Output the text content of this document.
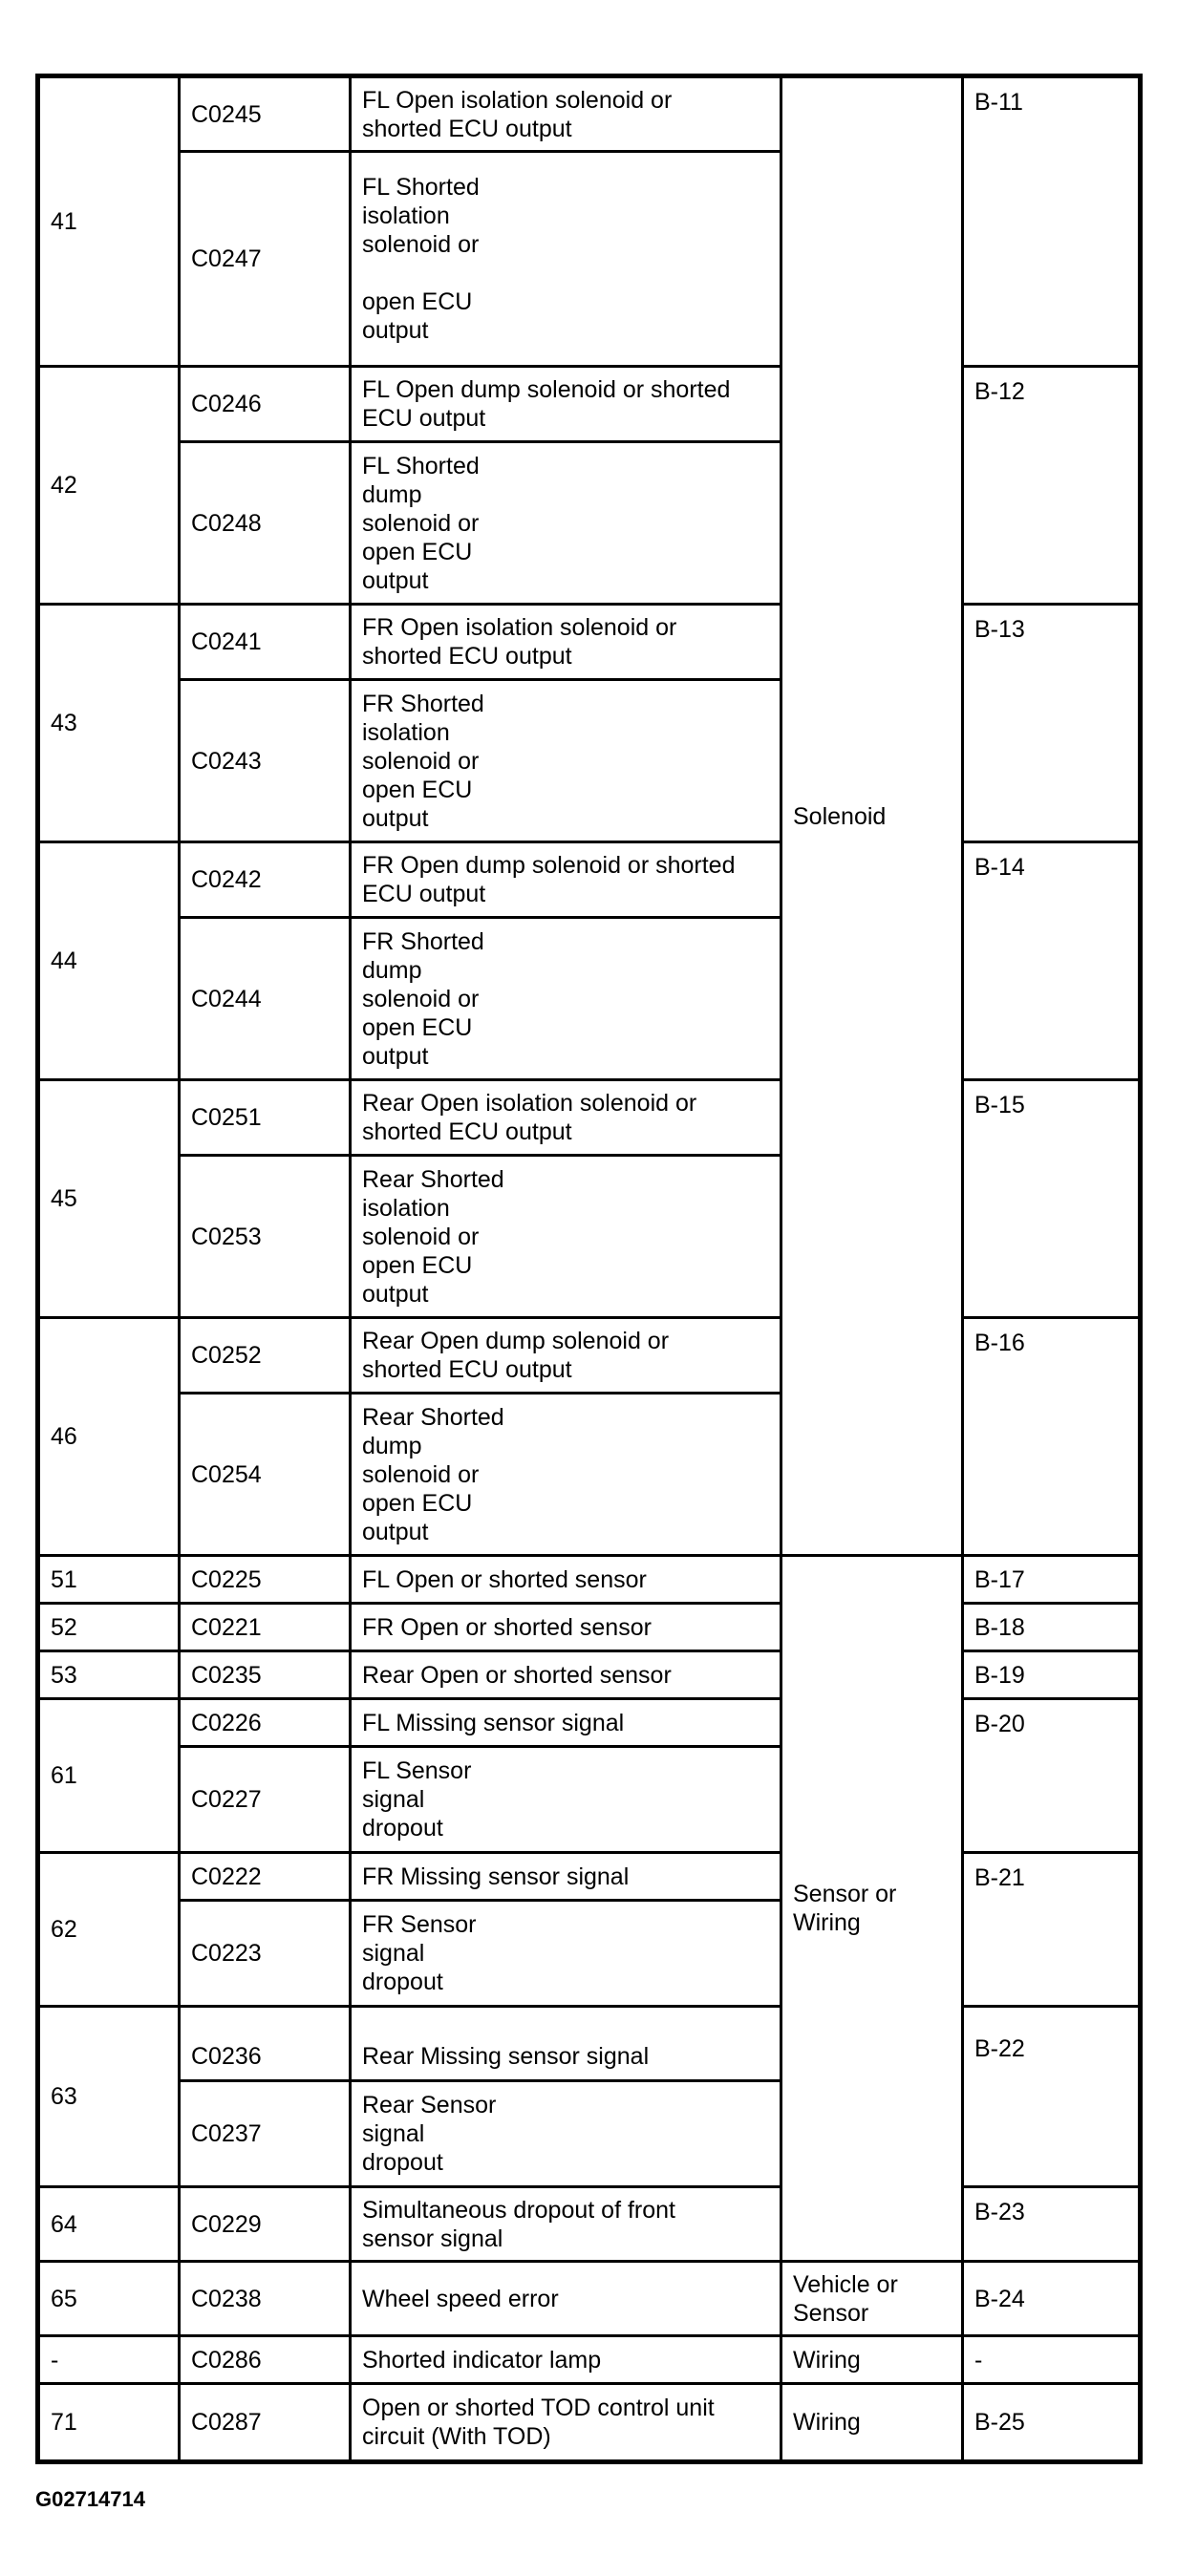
41	C0245	FL Open isolation solenoid or
shorted ECU output	Solenoid	B-11
	C0247	FL Shorted
isolation
solenoid or

open ECU
output		
42	C0246	FL Open dump solenoid or shorted
ECU output		B-12
	C0248	FL Shorted
dump
solenoid or
open ECU
output		
43	C0241	FR Open isolation solenoid or
shorted ECU output		B-13
	C0243	FR Shorted
isolation
solenoid or
open ECU
output		
44	C0242	FR Open dump solenoid or shorted
ECU output		B-14
	C0244	FR Shorted
dump
solenoid or
open ECU
output		
45	C0251	Rear Open isolation solenoid or
shorted ECU output		B-15
	C0253	Rear Shorted
isolation
solenoid or
open ECU
output		
46	C0252	Rear Open dump solenoid or
shorted ECU output		B-16
	C0254	Rear Shorted
dump
solenoid or
open ECU
output		
51	C0225	FL Open or shorted sensor	Sensor or
Wiring	B-17
52	C0221	FR Open or shorted sensor		B-18
53	C0235	Rear Open or shorted sensor		B-19
61	C0226	FL Missing sensor signal		B-20
	C0227	FL Sensor
signal
dropout		
62	C0222	FR Missing sensor signal		B-21
	C0223	FR Sensor
signal
dropout		
63	C0236	Rear Missing sensor signal		B-22
	C0237	Rear Sensor
signal
dropout		
64	C0229	Simultaneous dropout of front
sensor signal		B-23
65	C0238	Wheel speed error	Vehicle or
Sensor	B-24
-	C0286	Shorted indicator lamp	Wiring	-
71	C0287	Open or shorted TOD control unit
circuit (With TOD)	Wiring	B-25
G02714714
